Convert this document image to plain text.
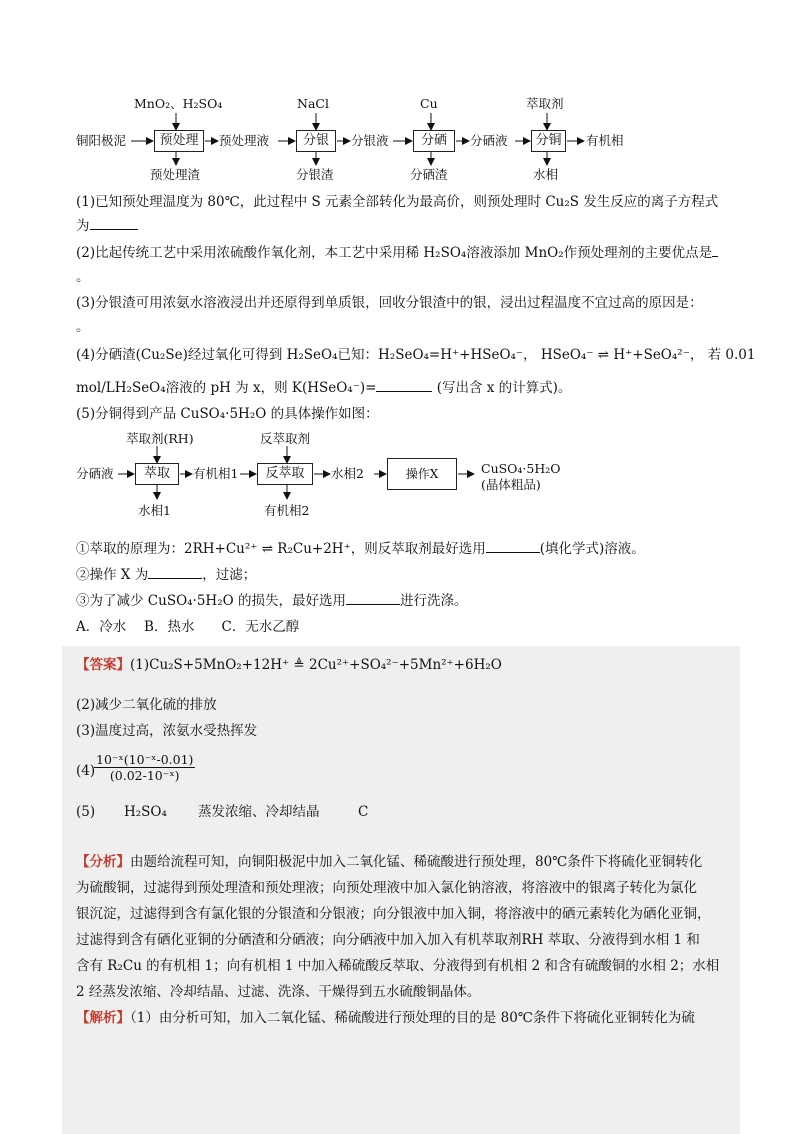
MnO₂、H₂SO₄	NaCl	Cu	萃取剂
铜阳极泥	预处理	预处理液	分银	分银液	分硒	分硒液	分铜	有机相
预处理渣	分银渣	分硒渣	水相
(1)已知预处理温度为 80℃，此过程中 S 元素全部转化为最高价，则预处理时 Cu₂S 发生反应的离子方程式
为
(2)比起传统工艺中采用浓硫酸作氧化剂，本工艺中采用稀 H₂SO₄溶液添加 MnO₂作预处理剂的主要优点是
。
(3)分银渣可用浓氨水溶液浸出并还原得到单质银，回收分银渣中的银，浸出过程温度不宜过高的原因是：
。
(4)分硒渣(Cu₂Se)经过氧化可得到 H₂SeO₄已知：H₂SeO₄=H⁺+HSeO₄⁻， HSeO₄⁻ ⇌ H⁺+SeO₄²⁻， 若 0.01
mol/LH₂SeO₄溶液的 pH 为 x，则 K(HSeO₄⁻)=	(写出含 x 的计算式)。
(5)分铜得到产品 CuSO₄·5H₂O 的具体操作如图：
萃取剂(RH)	反萃取剂
分硒液	萃取	有机相1	反萃取	水相2	操作X	CuSO₄·5H₂O
(晶体粗品)
水相1	有机相2
①萃取的原理为：2RH+Cu²⁺ ⇌ R₂Cu+2H⁺，则反萃取剂最好选用	(填化学式)溶液。
②操作 X 为	，过滤；
③为了减少 CuSO₄·5H₂O 的损失，最好选用	进行洗涤。
A．冷水　 B．热水　　C．无水乙醇
【答案】(1)Cu₂S+5MnO₂+12H⁺ ≜ 2Cu²⁺+SO₄²⁻+5Mn²⁺+6H₂O
(2)减少二氧化硫的排放
(3)温度过高，浓氨水受热挥发
(4)
$\frac{\text{10⁻ˣ(10⁻ˣ-0.01)}}{\text{(0.02-10⁻ˣ)}}$
(5) H₂SO₄ 蒸发浓缩、冷却结晶	C
【分析】由题给流程可知，向铜阳极泥中加入二氧化锰、稀硫酸进行预处理，80℃条件下将硫化亚铜转化
为硫酸铜，过滤得到预处理渣和预处理液；向预处理液中加入氯化钠溶液，将溶液中的银离子转化为氯化
银沉淀，过滤得到含有氯化银的分银渣和分银液；向分银液中加入铜，将溶液中的硒元素转化为硒化亚铜，
过滤得到含有硒化亚铜的分硒渣和分硒液；向分硒液中加入加入有机萃取剂RH 萃取、分液得到水相 1 和
含有 R₂Cu 的有机相 1；向有机相 1 中加入稀硫酸反萃取、分液得到有机相 2 和含有硫酸铜的水相 2；水相
2 经蒸发浓缩、冷却结晶、过滤、洗涤、干燥得到五水硫酸铜晶体。
【解析】（1）由分析可知，加入二氧化锰、稀硫酸进行预处理的目的是 80℃条件下将硫化亚铜转化为硫
